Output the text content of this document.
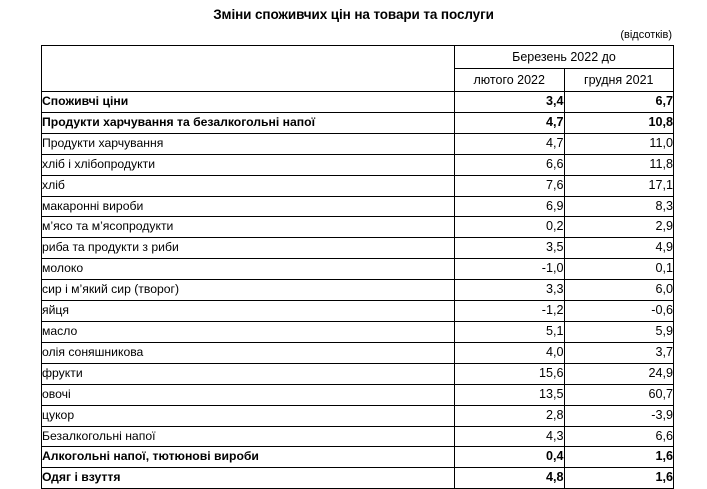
Зміни споживчих цін на товари та послуги
(відсотків)
	Березень 2022 до	
	лютого 2022	грудня 2021
Споживчі ціни	3,4	6,7
Продукти харчування та безалкогольні напої	4,7	10,8
Продукти харчування	4,7	11,0
хліб і хлібопродукти	6,6	11,8
хліб	7,6	17,1
макаронні вироби	6,9	8,3
м’ясо та м’ясопродукти	0,2	2,9
риба та продукти з риби	3,5	4,9
молоко	-1,0	0,1
сир і м’який сир (творог)	3,3	6,0
яйця	-1,2	-0,6
масло	5,1	5,9
олія соняшникова	4,0	3,7
фрукти	15,6	24,9
овочі	13,5	60,7
цукор	2,8	-3,9
Безалкогольні напої	4,3	6,6
Алкогольні напої, тютюнові вироби	0,4	1,6
Одяг і взуття	4,8	1,6
